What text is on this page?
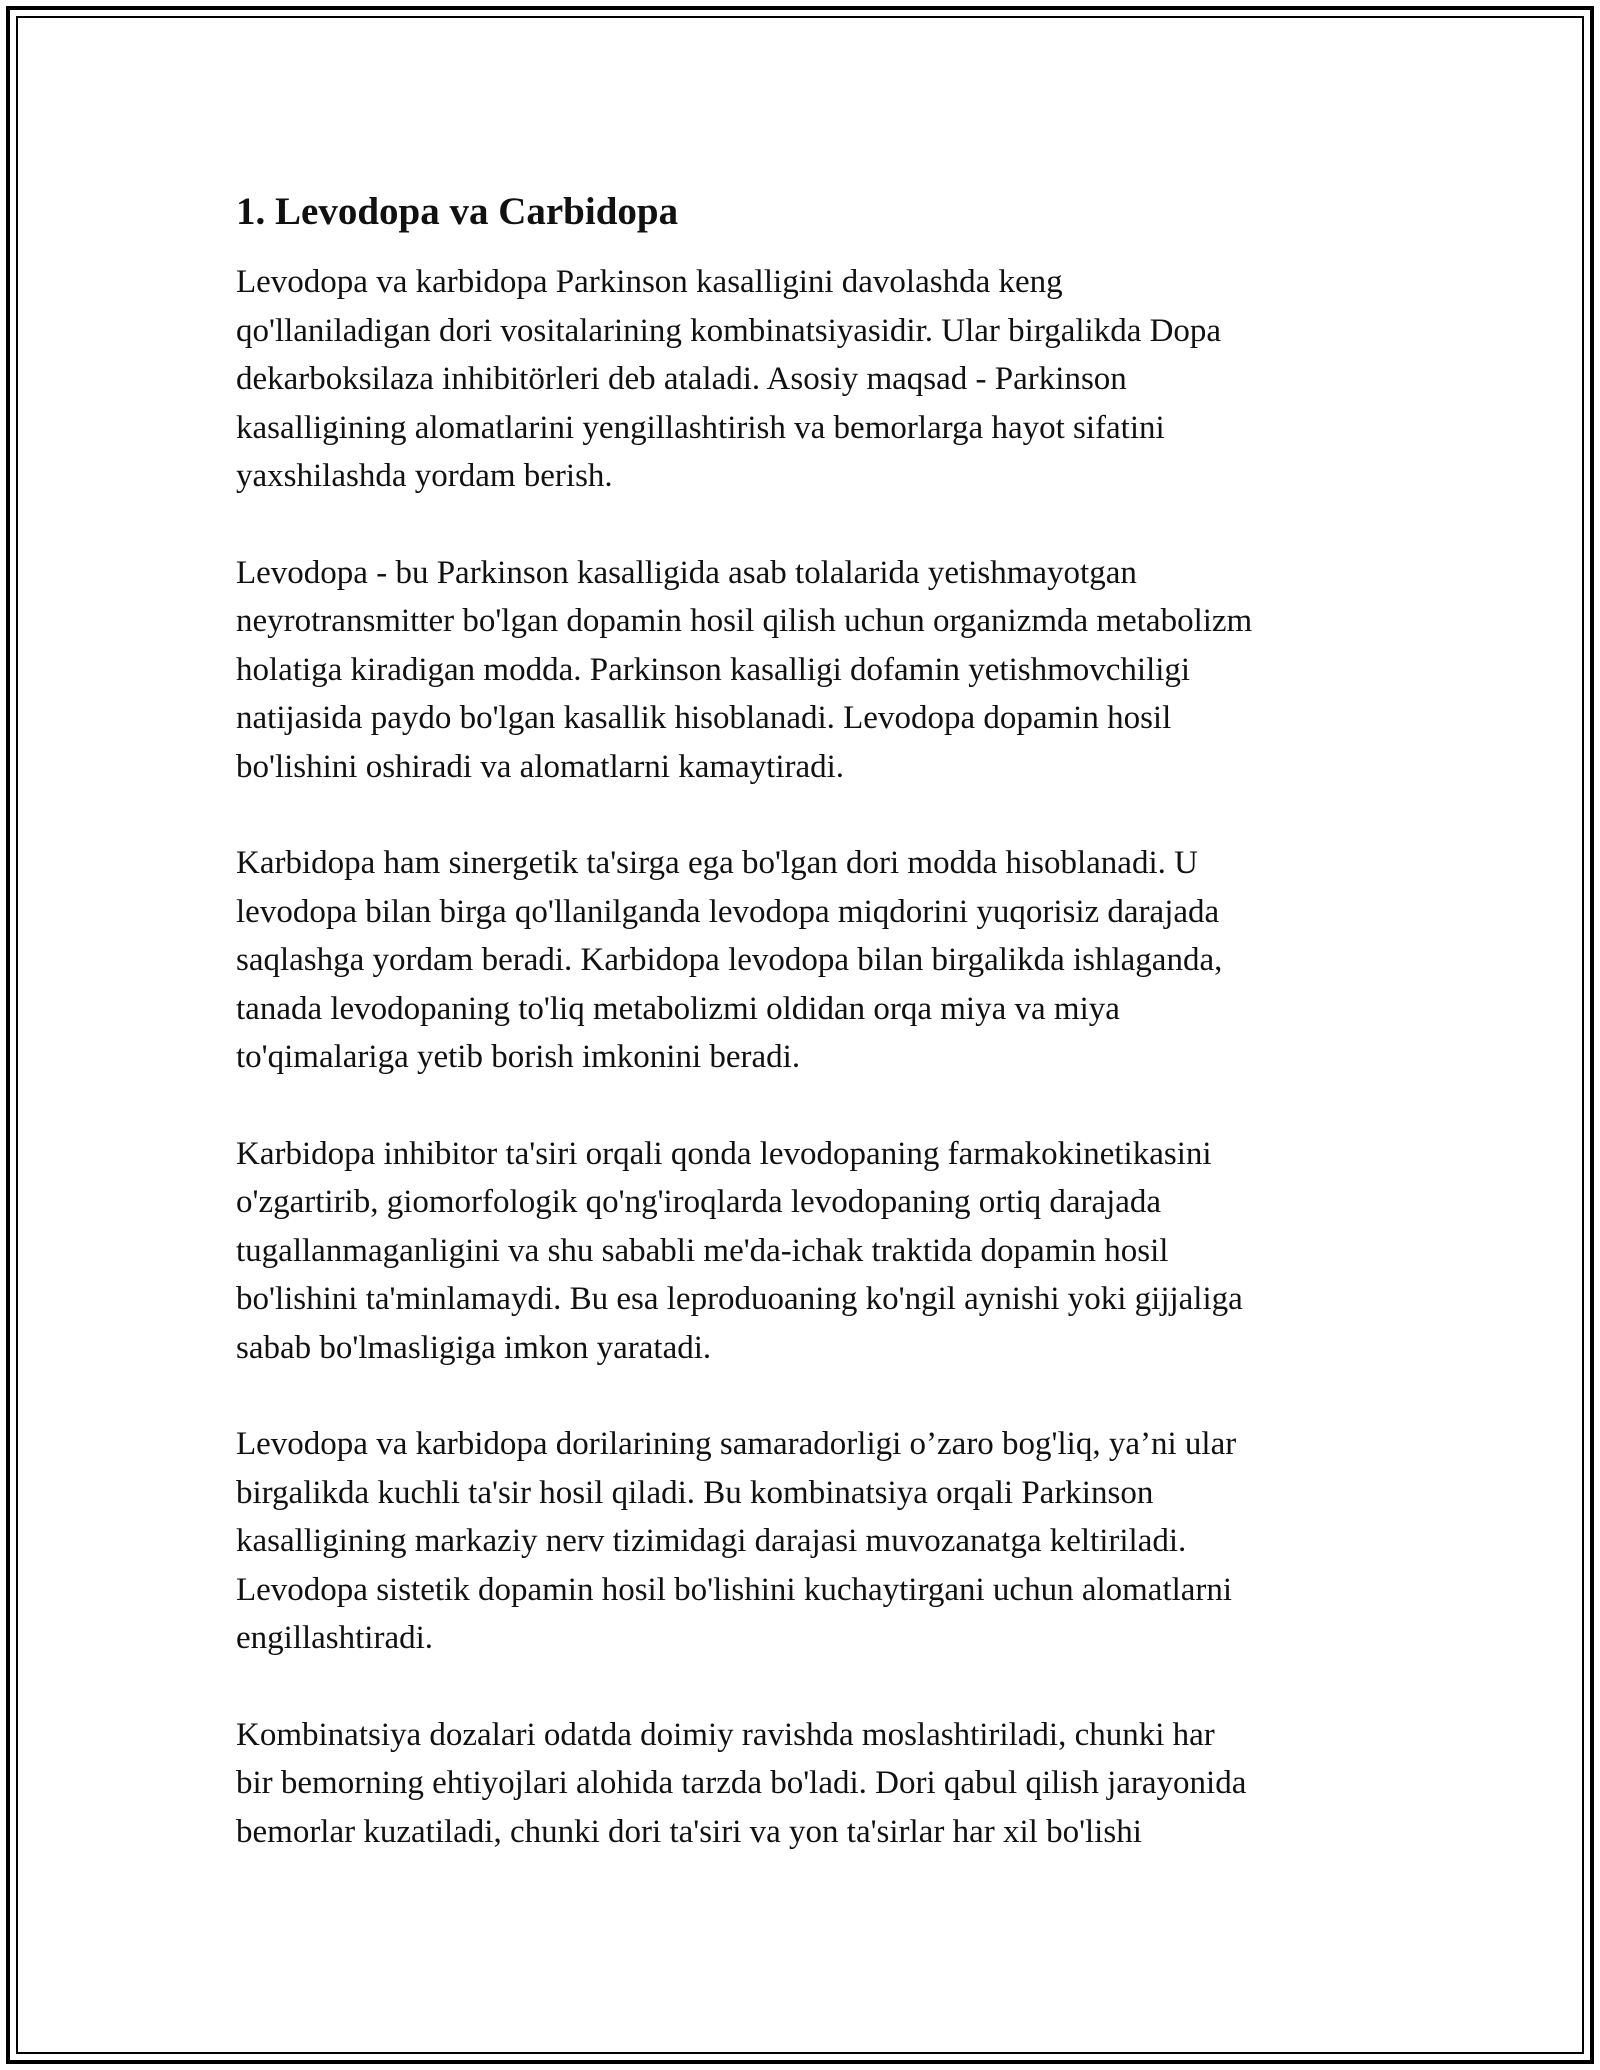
1. Levodopa va Carbidopa

Levodopa va karbidopa Parkinson kasalligini davolashda keng
qo'llaniladigan dori vositalarining kombinatsiyasidir. Ular birgalikda Dopa
dekarboksilaza inhibitörleri deb ataladi. Asosiy maqsad - Parkinson
kasalligining alomatlarini yengillashtirish va bemorlarga hayot sifatini
yaxshilashda yordam berish.

Levodopa - bu Parkinson kasalligida asab tolalarida yetishmayotgan
neyrotransmitter bo'lgan dopamin hosil qilish uchun organizmda metabolizm
holatiga kiradigan modda. Parkinson kasalligi dofamin yetishmovchiligi
natijasida paydo bo'lgan kasallik hisoblanadi. Levodopa dopamin hosil
bo'lishini oshiradi va alomatlarni kamaytiradi.

Karbidopa ham sinergetik ta'sirga ega bo'lgan dori modda hisoblanadi. U
levodopa bilan birga qo'llanilganda levodopa miqdorini yuqorisiz darajada
saqlashga yordam beradi. Karbidopa levodopa bilan birgalikda ishlaganda,
tanada levodopaning to'liq metabolizmi oldidan orqa miya va miya
to'qimalariga yetib borish imkonini beradi.

Karbidopa inhibitor ta'siri orqali qonda levodopaning farmakokinetikasini
o'zgartirib, giomorfologik qo'ng'iroqlarda levodopaning ortiq darajada
tugallanmaganligini va shu sababli me'da-ichak traktida dopamin hosil
bo'lishini ta'minlamaydi. Bu esa leproduoaning ko'ngil aynishi yoki gijjaliga
sabab bo'lmasligiga imkon yaratadi.

Levodopa va karbidopa dorilarining samaradorligi o’zaro bog'liq, ya’ni ular
birgalikda kuchli ta'sir hosil qiladi. Bu kombinatsiya orqali Parkinson
kasalligining markaziy nerv tizimidagi darajasi muvozanatga keltiriladi.
Levodopa sistetik dopamin hosil bo'lishini kuchaytirgani uchun alomatlarni
engillashtiradi.

Kombinatsiya dozalari odatda doimiy ravishda moslashtiriladi, chunki har
bir bemorning ehtiyojlari alohida tarzda bo'ladi. Dori qabul qilish jarayonida
bemorlar kuzatiladi, chunki dori ta'siri va yon ta'sirlar har xil bo'lishi
